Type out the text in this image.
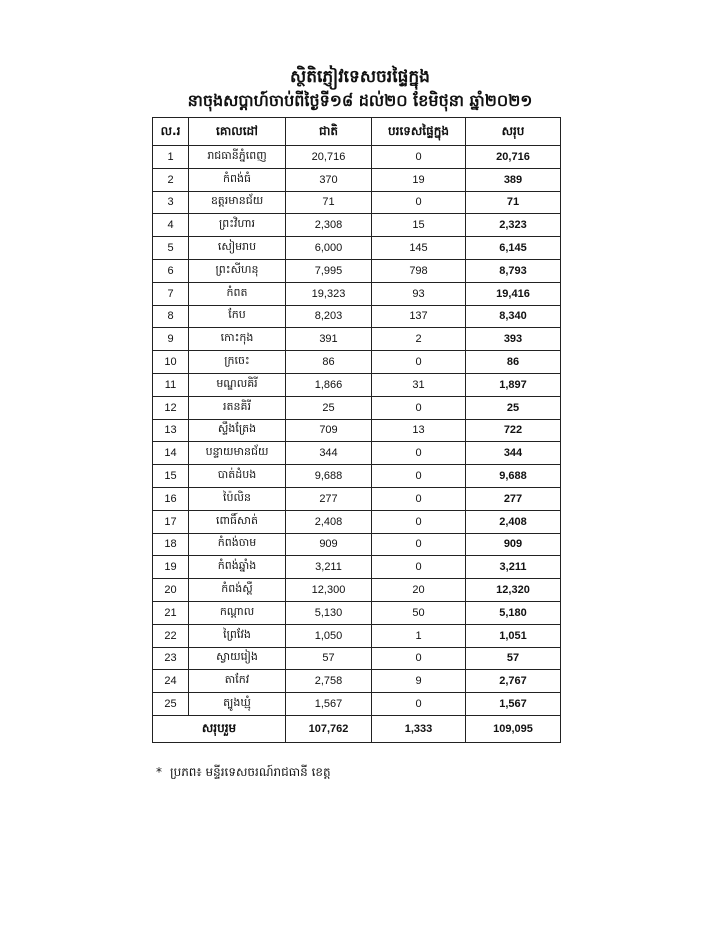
ស្ថិតិភ្ញៀវទេសចរផ្ទៃក្នុង
នាចុងសប្តាហ៍ចាប់ពីថ្ងៃទី១៨ ដល់២០ ខែមិថុនា ឆ្នាំ២០២១
ល.រ	គោលដៅ	ជាតិ	បរទេសផ្ទៃក្នុង	សរុប
1	រាជធានីភ្នំពេញ	20,716	0	20,716
2	កំពង់ធំ	370	19	389
3	ឧត្តរមានជ័យ	71	0	71
4	ព្រះវិហារ	2,308	15	2,323
5	សៀមរាប	6,000	145	6,145
6	ព្រះសីហនុ	7,995	798	8,793
7	កំពត	19,323	93	19,416
8	កែប	8,203	137	8,340
9	កោះកុង	391	2	393
10	ក្រចេះ	86	0	86
11	មណ្ឌលគិរី	1,866	31	1,897
12	រតនគិរី	25	0	25
13	ស្ទឹងត្រែង	709	13	722
14	បន្ទាយមានជ័យ	344	0	344
15	បាត់ដំបង	9,688	0	9,688
16	ប៉ៃលិន	277	0	277
17	ពោធិ៍សាត់	2,408	0	2,408
18	កំពង់ចាម	909	0	909
19	កំពង់ឆ្នាំង	3,211	0	3,211
20	កំពង់ស្ពឺ	12,300	20	12,320
21	កណ្តាល	5,130	50	5,180
22	ព្រៃវែង	1,050	1	1,051
23	ស្វាយរៀង	57	0	57
24	តាកែវ	2,758	9	2,767
25	ត្បូងឃ្មុំ	1,567	0	1,567
សរុបរួម		107,762	1,333	109,095
* ប្រភព៖ មន្ទីរទេសចរណ៍រាជធានី ខេត្ត
